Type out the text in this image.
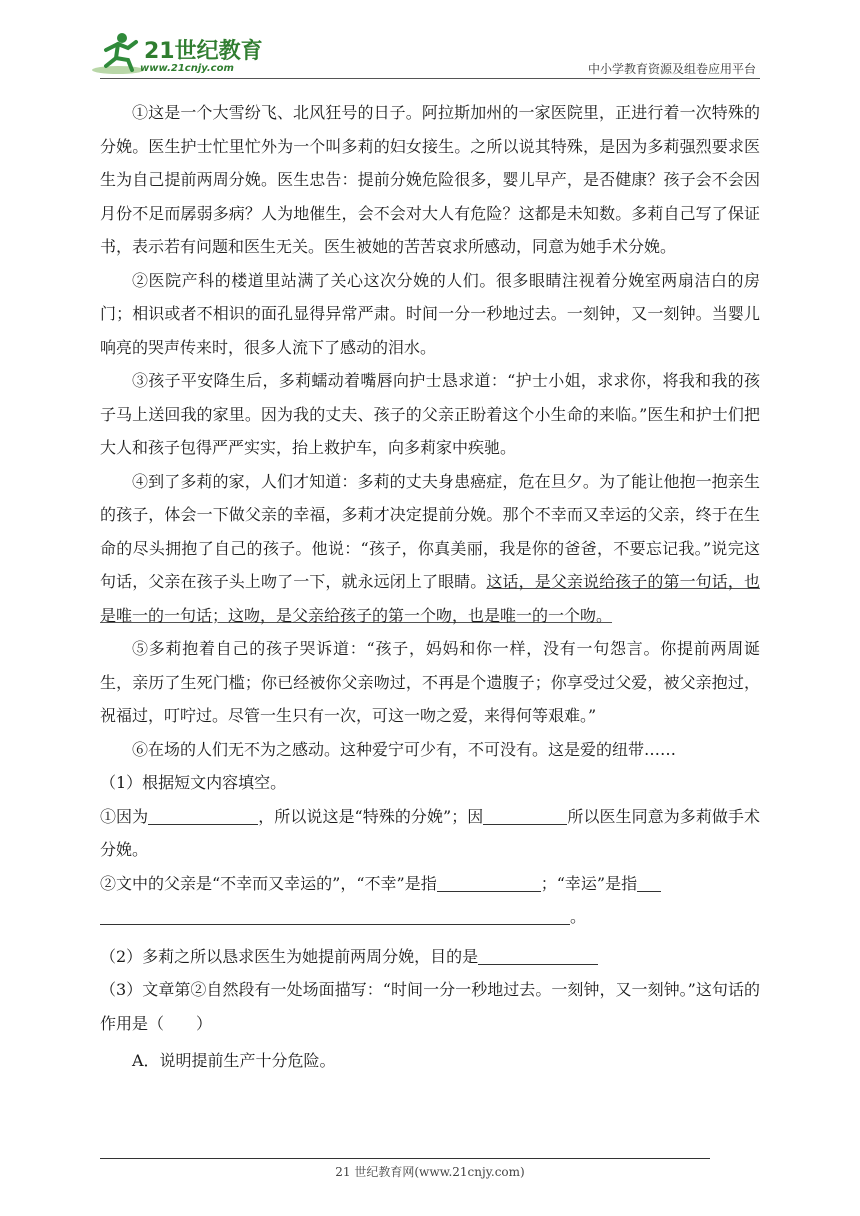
21世纪教育
www.21cnjy.com	中小学教育资源及组卷应用平台

①这是一个大雪纷飞、北风狂号的日子。阿拉斯加州的一家医院里，正进行着一次特殊的分娩。医生护士忙里忙外为一个叫多莉的妇女接生。之所以说其特殊，是因为多莉强烈要求医生为自己提前两周分娩。医生忠告：提前分娩危险很多，婴儿早产，是否健康？孩子会不会因月份不足而孱弱多病？人为地催生，会不会对大人有危险？这都是未知数。多莉自己写了保证书，表示若有问题和医生无关。医生被她的苦苦哀求所感动，同意为她手术分娩。

②医院产科的楼道里站满了关心这次分娩的人们。很多眼睛注视着分娩室两扇洁白的房门；相识或者不相识的面孔显得异常严肃。时间一分一秒地过去。一刻钟，又一刻钟。当婴儿响亮的哭声传来时，很多人流下了感动的泪水。

③孩子平安降生后，多莉蠕动着嘴唇向护士恳求道：“护士小姐，求求你，将我和我的孩子马上送回我的家里。因为我的丈夫、孩子的父亲正盼着这个小生命的来临。”医生和护士们把大人和孩子包得严严实实，抬上救护车，向多莉家中疾驰。

④到了多莉的家，人们才知道：多莉的丈夫身患癌症，危在旦夕。为了能让他抱一抱亲生的孩子，体会一下做父亲的幸福，多莉才决定提前分娩。那个不幸而又幸运的父亲，终于在生命的尽头拥抱了自己的孩子。他说：“孩子，你真美丽，我是你的爸爸，不要忘记我。”说完这句话，父亲在孩子头上吻了一下，就永远闭上了眼睛。这话，是父亲说给孩子的第一句话，也是唯一的一句话；这吻，是父亲给孩子的第一个吻，也是唯一的一个吻。

⑤多莉抱着自己的孩子哭诉道：“孩子，妈妈和你一样，没有一句怨言。你提前两周诞生，亲历了生死门槛；你已经被你父亲吻过，不再是个遗腹子；你享受过父爱，被父亲抱过，祝福过，叮咛过。尽管一生只有一次，可这一吻之爱，来得何等艰难。”

⑥在场的人们无不为之感动。这种爱宁可少有，不可没有。这是爱的纽带……

（1）根据短文内容填空。

①因为	，所以说这是“特殊的分娩”；因	所以医生同意为多莉做手术分娩。

②文中的父亲是“不幸而又幸运的”，“不幸”是指	；“幸运”是指

。

（2）多莉之所以恳求医生为她提前两周分娩，目的是

（3）文章第②自然段有一处场面描写：“时间一分一秒地过去。一刻钟，又一刻钟。”这句话的作用是（　　）

A．说明提前生产十分危险。

21 世纪教育网(www.21cnjy.com)
